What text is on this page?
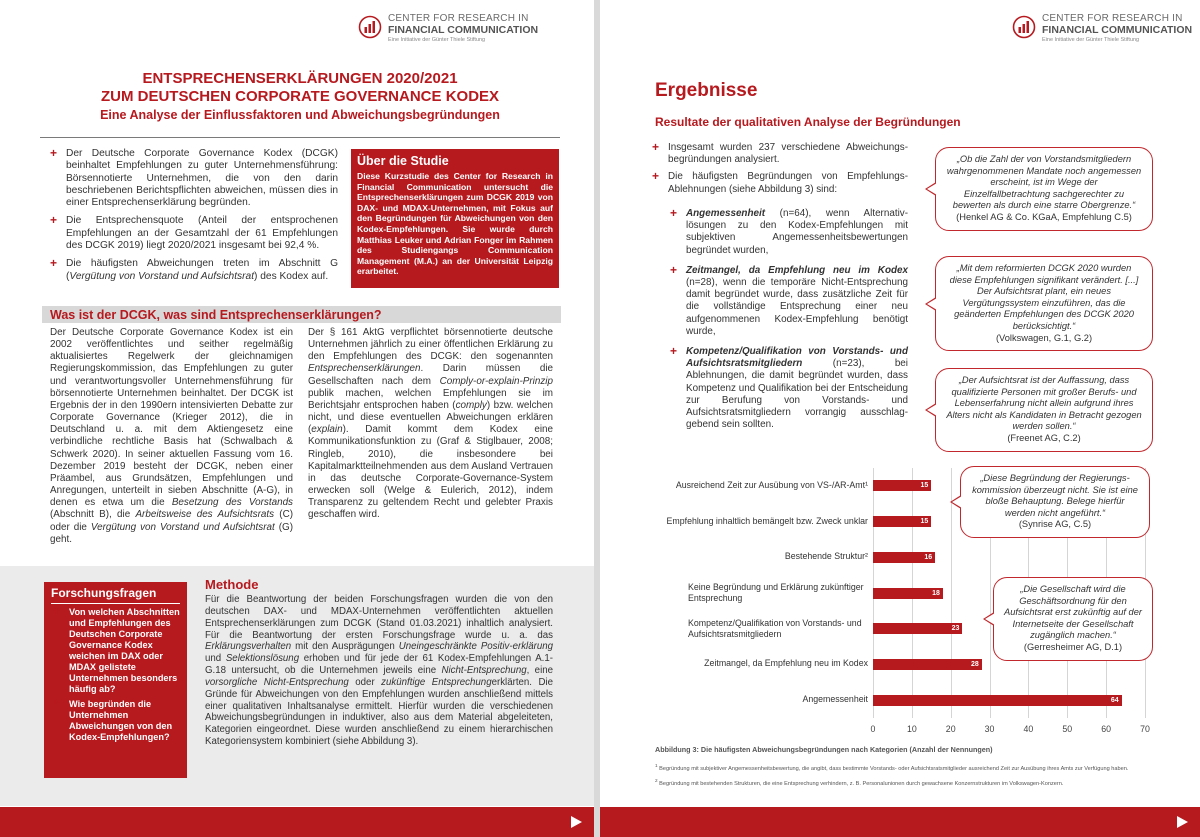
CENTER FOR RESEARCH IN
FINANCIAL COMMUNICATION
Eine Initiative der Günter Thiele Stiftung
ENTSPRECHENSERKLÄRUNGEN 2020/2021
ZUM DEUTSCHEN CORPORATE GOVERNANCE KODEX
Eine Analyse der Einflussfaktoren und Abweichungsbegründungen
+ Der Deutsche Corporate Governance Kodex (DCGK) beinhaltet Empfehlungen zu guter Unternehmensführung: Börsennotierte Unternehmen, die von den darin beschriebenen Berichtspflichten abweichen, müssen dies in einer Entsprechenserklärung begründen.
+ Die Entsprechensquote (Anteil der entsprochenen Empfehlungen an der Gesamtzahl der 61 Empfehlungen des DCGK 2019) liegt 2020/2021 insgesamt bei 92,4 %.
+ Die häufigsten Abweichungen treten im Abschnitt G (Vergütung von Vorstand und Aufsichtsrat) des Kodex auf.
Über die Studie
Diese Kurzstudie des Center for Research in Financial Communication untersucht die Entsprechenserklärungen zum DCGK 2019 von DAX- und MDAX-Unternehmen, mit Fokus auf den Begründungen für Abweichungen von den Kodex-Empfehlungen. Sie wurde durch Matthias Leuker und Adrian Fonger im Rahmen des Studiengangs Communication Management (M.A.) an der Universität Leipzig erarbeitet.
Was ist der DCGK, was sind Entsprechenserklärungen?
Der Deutsche Corporate Governance Kodex ist ein 2002 veröffentlichtes und seither regelmäßig aktualisiertes Regelwerk der gleichnamigen Regierungskommission, das Empfehlungen zu guter und verantwortungsvoller Unternehmensführung für börsennotierte Unternehmen beinhaltet. Der DCGK ist Ergebnis der in den 1990ern intensivierten Debatte zur Corporate Governance (Krieger 2012), die in Deutschland u. a. mit dem Aktiengesetz eine verbindliche rechtliche Basis hat (Schwalbach & Schwerk 2020). In seiner aktuellen Fassung vom 16. Dezember 2019 besteht der DCGK, neben einer Präambel, aus Grundsätzen, Empfehlungen und Anregungen, unterteilt in sieben Abschnitte (A-G), in denen es etwa um die Besetzung des Vorstands (Abschnitt B), die Arbeitsweise des Aufsichtsrats (C) oder die Vergütung von Vorstand und Aufsichtsrat (G) geht.
Der § 161 AktG verpflichtet börsennotierte deutsche Unternehmen jährlich zu einer öffentlichen Erklärung zu den Empfehlungen des DCGK: den sogenannten Entsprechenserklärungen. Darin müssen die Gesellschaften nach dem Comply-or-explain-Prinzip publik machen, welchen Empfehlungen sie im Berichtsjahr entsprochen haben (comply) bzw. welchen nicht, und diese eventuellen Abweichungen erklären (explain). Damit kommt dem Kodex eine Kommunikationsfunktion zu (Graf & Stiglbauer, 2008; Ringleb, 2010), die insbesondere bei Kapitalmarktteilnehmenden aus dem Ausland Vertrauen in das deutsche Corporate-Governance-System erwecken soll (Welge & Eulerich, 2012), indem Transparenz zu geltendem Recht und gelebter Praxis geschaffen wird.
Forschungsfragen
+ Von welchen Abschnitten und Empfehlungen des Deutschen Corporate Governance Kodex weichen im DAX oder MDAX gelistete Unternehmen besonders häufig ab?
+ Wie begründen die Unternehmen Abweichungen von den Kodex-Empfehlungen?
Methode
Für die Beantwortung der beiden Forschungsfragen wurden die von den deutschen DAX- und MDAX-Unternehmen veröffentlichten aktuellen Entsprechenserklärungen zum DCGK (Stand 01.03.2021) inhaltlich analysiert. Für die Beantwortung der ersten Forschungsfrage wurde u. a. das Erklärungsverhalten mit den Ausprägungen Uneingeschränkte Positiv-erklärung und Selektionslösung erhoben und für jede der 61 Kodex-Empfehlungen A.1-G.18 untersucht, ob die Unternehmen jeweils eine Nicht-Entsprechung, eine vorsorgliche Nicht-Entsprechung oder zukünftige Entsprechungerklärten. Die Gründe für Abweichungen von den Empfehlungen wurden anschließend mittels einer qualitativen Inhaltsanalyse ermittelt. Hierfür wurden die verschiedenen Abweichungsbegründungen in induktiver, also aus dem Material abgeleiteten, Kategorien eingeordnet. Diese wurden anschließend zu einem hierarchischen Kategoriensystem kombiniert (siehe Abbildung 3).
CENTER FOR RESEARCH IN
FINANCIAL COMMUNICATION
Eine Initiative der Günter Thiele Stiftung
Ergebnisse
Resultate der qualitativen Analyse der Begründungen
+ Insgesamt wurden 237 verschiedene Abweichungs-begründungen analysiert.
+ Die häufigsten Begründungen von Empfehlungs-Ablehnungen (siehe Abbildung 3) sind:
+ Angemessenheit (n=64), wenn Alternativ-lösungen zu den Kodex-Empfehlungen mit subjektiven Angemessenheitsbewertungen begründet wurden,
+ Zeitmangel, da Empfehlung neu im Kodex (n=28), wenn die temporäre Nicht-Entsprechung damit begründet wurde, dass zusätzliche Zeit für die vollständige Entsprechung einer neu aufgenommenen Kodex-Empfehlung benötigt wurde,
+ Kompetenz/Qualifikation von Vorstands- und Aufsichtsratsmitgliedern (n=23), bei Ablehnungen, die damit begründet wurden, dass Kompetenz und Qualifikation bei der Entscheidung zur Berufung von Vorstands- und Aufsichtsratsmitgliedern vorrangig ausschlag-gebend sein sollten.
„Ob die Zahl der von Vorstandsmitgliedern wahrgenommenen Mandate noch angemessen erscheint, ist im Wege der Einzelfallbetrachtung sachgerechter zu bewerten als durch eine starre Obergrenze.“
(Henkel AG & Co. KGaA, Empfehlung C.5)
„Mit dem reformierten DCGK 2020 wurden diese Empfehlungen signifikant verändert. [...] Der Aufsichtsrat plant, ein neues Vergütungssystem einzuführen, das die geänderten Empfehlungen des DCGK 2020 berücksichtigt.“
(Volkswagen, G.1, G.2)
„Der Aufsichtsrat ist der Auffassung, dass qualifizierte Personen mit großer Berufs- und Lebenserfahrung nicht allein aufgrund ihres Alters nicht als Kandidaten in Betracht gezogen werden sollen.“
(Freenet AG, C.2)
„Diese Begründung der Regierungs-kommission überzeugt nicht. Sie ist eine bloße Behauptung. Belege hierfür werden nicht angeführt.“
(Synrise AG, C.5)
„Die Gesellschaft wird die Geschäftsordnung für den Aufsichtsrat erst zukünftig auf der Internetseite der Gesellschaft zugänglich machen.“
(Gerresheimer AG, D.1)
0	10	20	30	40	50	60	70
Ausreichend Zeit zur Ausübung von VS-/AR-Amt¹	15
Empfehlung inhaltlich bemängelt bzw. Zweck unklar	15
Bestehende Struktur²	16
Keine Begründung und Erklärung zukünftiger Entsprechung	18
Kompetenz/Qualifikation von Vorstands- und Aufsichtsratsmitgliedern	23
Zeitmangel, da Empfehlung neu im Kodex	28
Angemessenheit	64
Abbildung 3: Die häufigsten Abweichungsbegründungen nach Kategorien (Anzahl der Nennungen)
$^1$ Begründung mit subjektiver Angemessenheitsbewertung, die angibt, dass bestimmte Vorstands- oder Aufsichtsratsmitglieder ausreichend Zeit zur Ausübung ihres Amts zur Verfügung haben.
$^2$ Begründung mit bestehenden Strukturen, die eine Entsprechung verhindern, z. B. Personalunionen durch gewachsene Konzernstrukturen im Volkswagen-Konzern.
